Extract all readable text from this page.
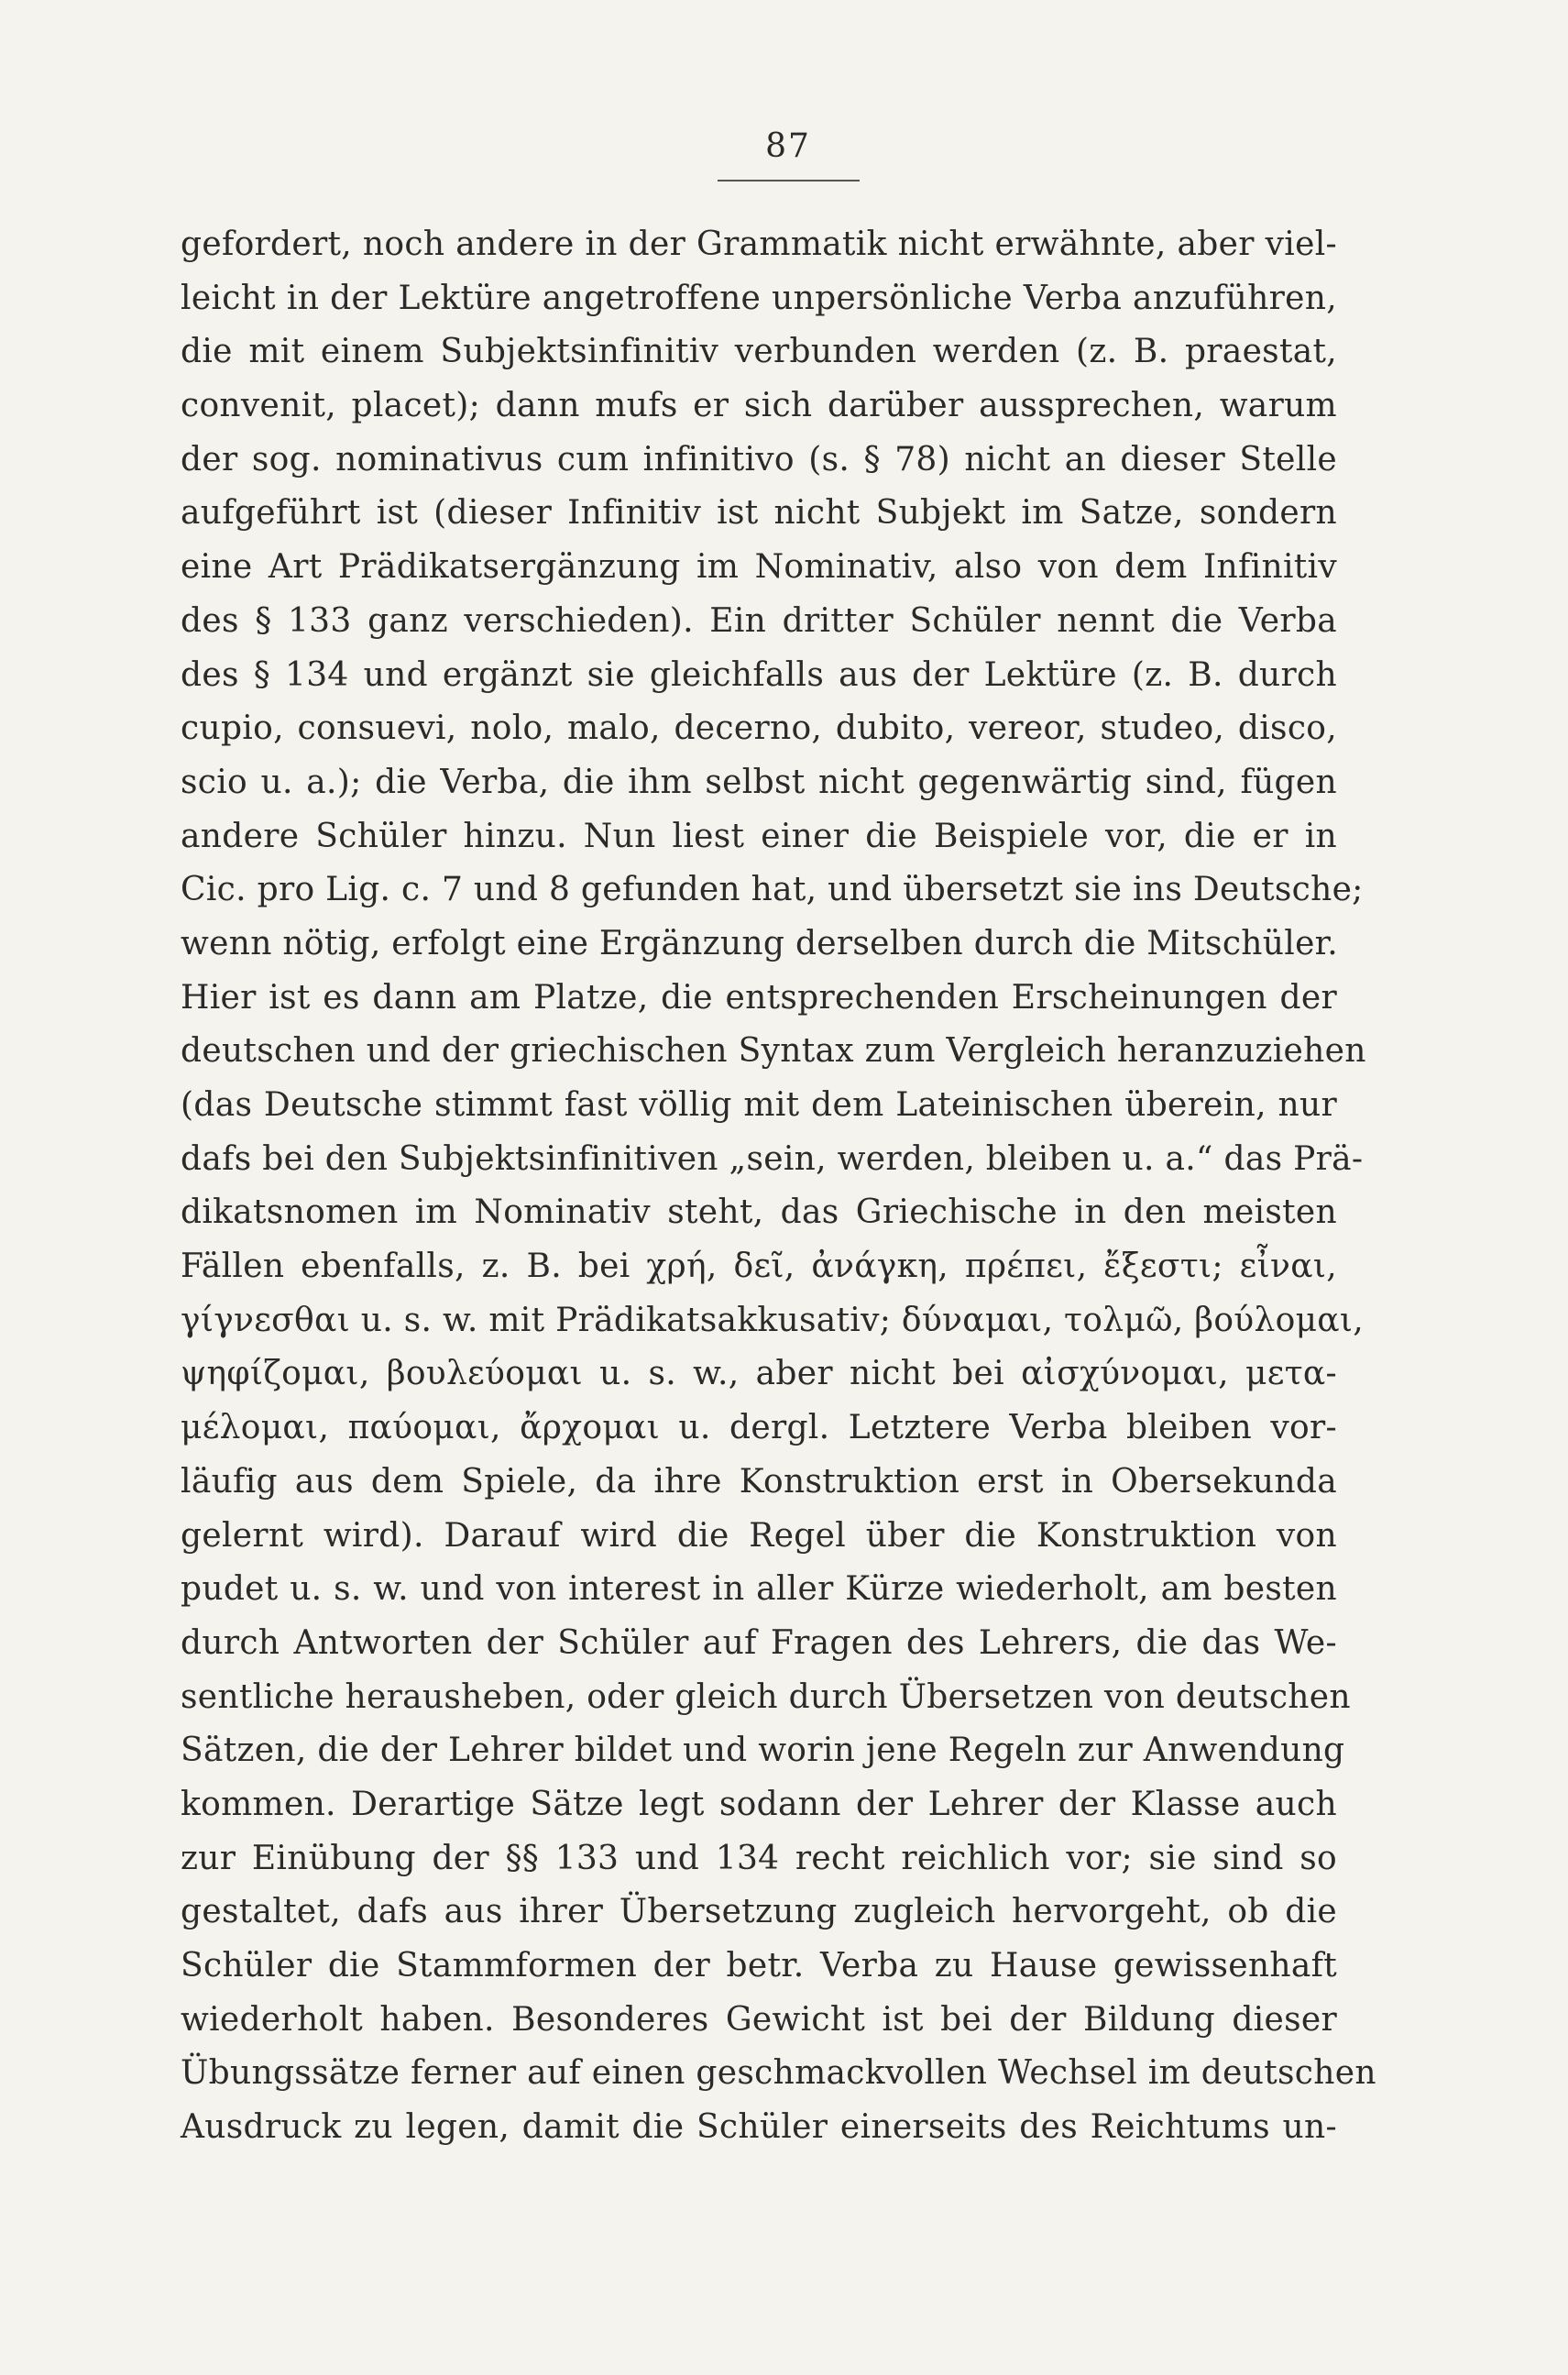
87
gefordert, noch andere in der Grammatik nicht erwähnte, aber viel-
leicht in der Lektüre angetroffene unpersönliche Verba anzuführen,
die mit einem Subjektsinfinitiv verbunden werden (z. B. praestat,
convenit, placet); dann mufs er sich darüber aussprechen, warum
der sog. nominativus cum infinitivo (s. § 78) nicht an dieser Stelle
aufgeführt ist (dieser Infinitiv ist nicht Subjekt im Satze, sondern
eine Art Prädikatsergänzung im Nominativ, also von dem Infinitiv
des § 133 ganz verschieden). Ein dritter Schüler nennt die Verba
des § 134 und ergänzt sie gleichfalls aus der Lektüre (z. B. durch
cupio, consuevi, nolo, malo, decerno, dubito, vereor, studeo, disco,
scio u. a.); die Verba, die ihm selbst nicht gegenwärtig sind, fügen
andere Schüler hinzu. Nun liest einer die Beispiele vor, die er in
Cic. pro Lig. c. 7 und 8 gefunden hat, und übersetzt sie ins Deutsche;
wenn nötig, erfolgt eine Ergänzung derselben durch die Mitschüler.
Hier ist es dann am Platze, die entsprechenden Erscheinungen der
deutschen und der griechischen Syntax zum Vergleich heranzuziehen
(das Deutsche stimmt fast völlig mit dem Lateinischen überein, nur
dafs bei den Subjektsinfinitiven „sein, werden, bleiben u. a.“ das Prä-
dikatsnomen im Nominativ steht, das Griechische in den meisten
Fällen ebenfalls, z. B. bei χρή, δεῖ, ἀνάγκη, πρέπει, ἔξεστι; εἶναι,
γίγνεσθαι u. s. w. mit Prädikatsakkusativ; δύναμαι, τολμῶ, βούλομαι,
ψηφίζομαι, βουλεύομαι u. s. w., aber nicht bei αἰσχύνομαι, μετα-
μέλομαι, παύομαι, ἄρχομαι u. dergl. Letztere Verba bleiben vor-
läufig aus dem Spiele, da ihre Konstruktion erst in Obersekunda
gelernt wird). Darauf wird die Regel über die Konstruktion von
pudet u. s. w. und von interest in aller Kürze wiederholt, am besten
durch Antworten der Schüler auf Fragen des Lehrers, die das We-
sentliche herausheben, oder gleich durch Übersetzen von deutschen
Sätzen, die der Lehrer bildet und worin jene Regeln zur Anwendung
kommen. Derartige Sätze legt sodann der Lehrer der Klasse auch
zur Einübung der §§ 133 und 134 recht reichlich vor; sie sind so
gestaltet, dafs aus ihrer Übersetzung zugleich hervorgeht, ob die
Schüler die Stammformen der betr. Verba zu Hause gewissenhaft
wiederholt haben. Besonderes Gewicht ist bei der Bildung dieser
Übungssätze ferner auf einen geschmackvollen Wechsel im deutschen
Ausdruck zu legen, damit die Schüler einerseits des Reichtums un-
